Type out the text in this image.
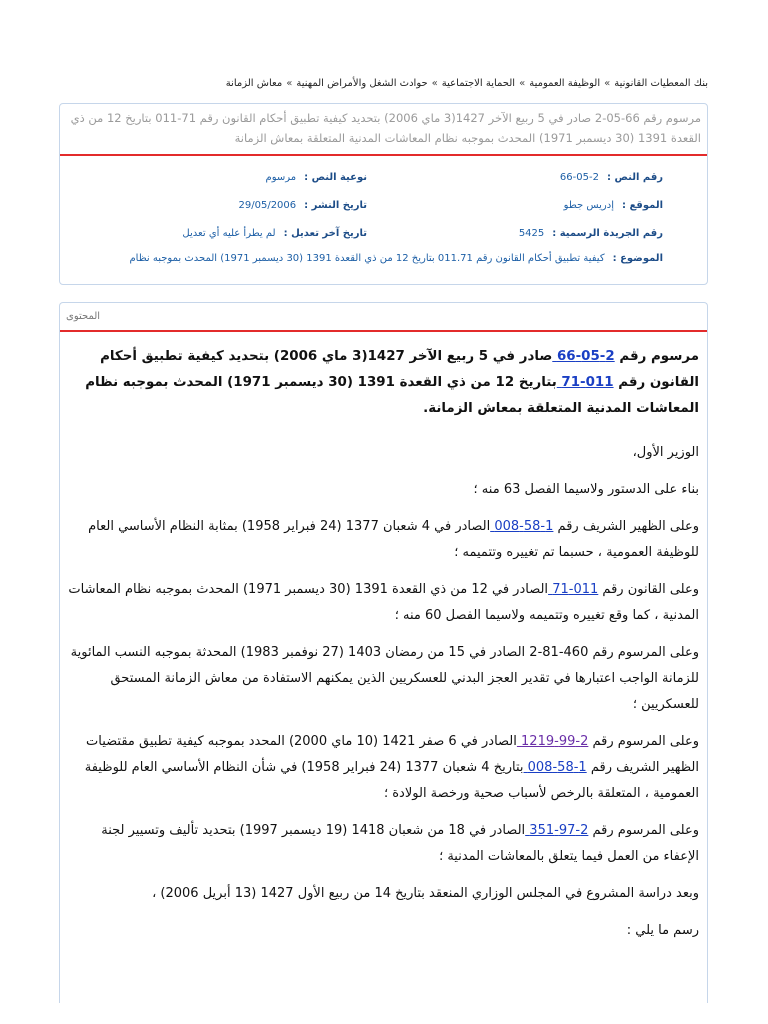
بنك المعطيات القانونية»الوظيفة العمومية»الحماية الاجتماعية»حوادث الشغل والأمراض المهنية»معاش الزمانة
مرسوم رقم 66-05-2 صادر في 5 ربيع الآخر 1427(3 ماي 2006) بتحديد كيفية تطبيق أحكام القانون رقم 71-011 بتاريخ 12 من ذي القعدة 1391 (30 ديسمبر 1971) المحدث بموجبه نظام المعاشات المدنية المتعلقة بمعاش الزمانة
رقم النص :2-05-66
نوعية النص :مرسوم
الموقع :إدريس جطو
تاريخ النشر :29/05/2006
رقم الجريدة الرسمية :5425
تاريخ آخر تعديل :لم يطرأ عليه أي تعديل
الموضوع :كيفية تطبيق أحكام القانون رقم 011.71 بتاريخ 12 من ذي القعدة 1391 (30 ديسمبر 1971) المحدث بموجبه نظام
المحتوى
مرسوم رقم 2-05-66 صادر في 5 ربيع الآخر 1427(3 ماي 2006) بتحديد كيفية تطبيق أحكام القانون رقم 011-71 بتاريخ 12 من ذي القعدة 1391 (30 ديسمبر 1971) المحدث بموجبه نظام المعاشات المدنية المتعلقة بمعاش الزمانة.

الوزير الأول،

بناء على الدستور ولاسيما الفصل 63 منه ؛

وعلى الظهير الشريف رقم 1-58-008 الصادر في 4 شعبان 1377 (24 فبراير 1958) بمثابة النظام الأساسي العام للوظيفة العمومية ، حسبما تم تغييره وتتميمه ؛

وعلى القانون رقم 011-71 الصادر في 12 من ذي القعدة 1391 (30 ديسمبر 1971) المحدث بموجبه نظام المعاشات المدنية ، كما وقع تغييره وتتميمه ولاسيما الفصل 60 منه ؛

وعلى المرسوم رقم 460-81-2 الصادر في 15 من رمضان 1403 (27 نوفمبر 1983) المحدثة بموجبه النسب المائوية للزمانة الواجب اعتبارها في تقدير العجز البدني للعسكريين الذين يمكنهم الاستفادة من معاش الزمانة المستحق للعسكريين ؛

وعلى المرسوم رقم 2-99-1219 الصادر في 6 صفر 1421 (10 ماي 2000) المحدد بموجبه كيفية تطبيق مقتضيات الظهير الشريف رقم 1-58-008 بتاريخ 4 شعبان 1377 (24 فبراير 1958) في شأن النظام الأساسي العام للوظيفة العمومية ، المتعلقة بالرخص لأسباب صحية ورخصة الولادة ؛

وعلى المرسوم رقم 2-97-351 الصادر في 18 من شعبان 1418 (19 ديسمبر 1997) بتحديد تأليف وتسيير لجنة الإعفاء من العمل فيما يتعلق بالمعاشات المدنية ؛

وبعد دراسة المشروع في المجلس الوزاري المنعقد بتاريخ 14 من ربيع الأول 1427 (13 أبريل 2006) ،

رسم ما يلي :
